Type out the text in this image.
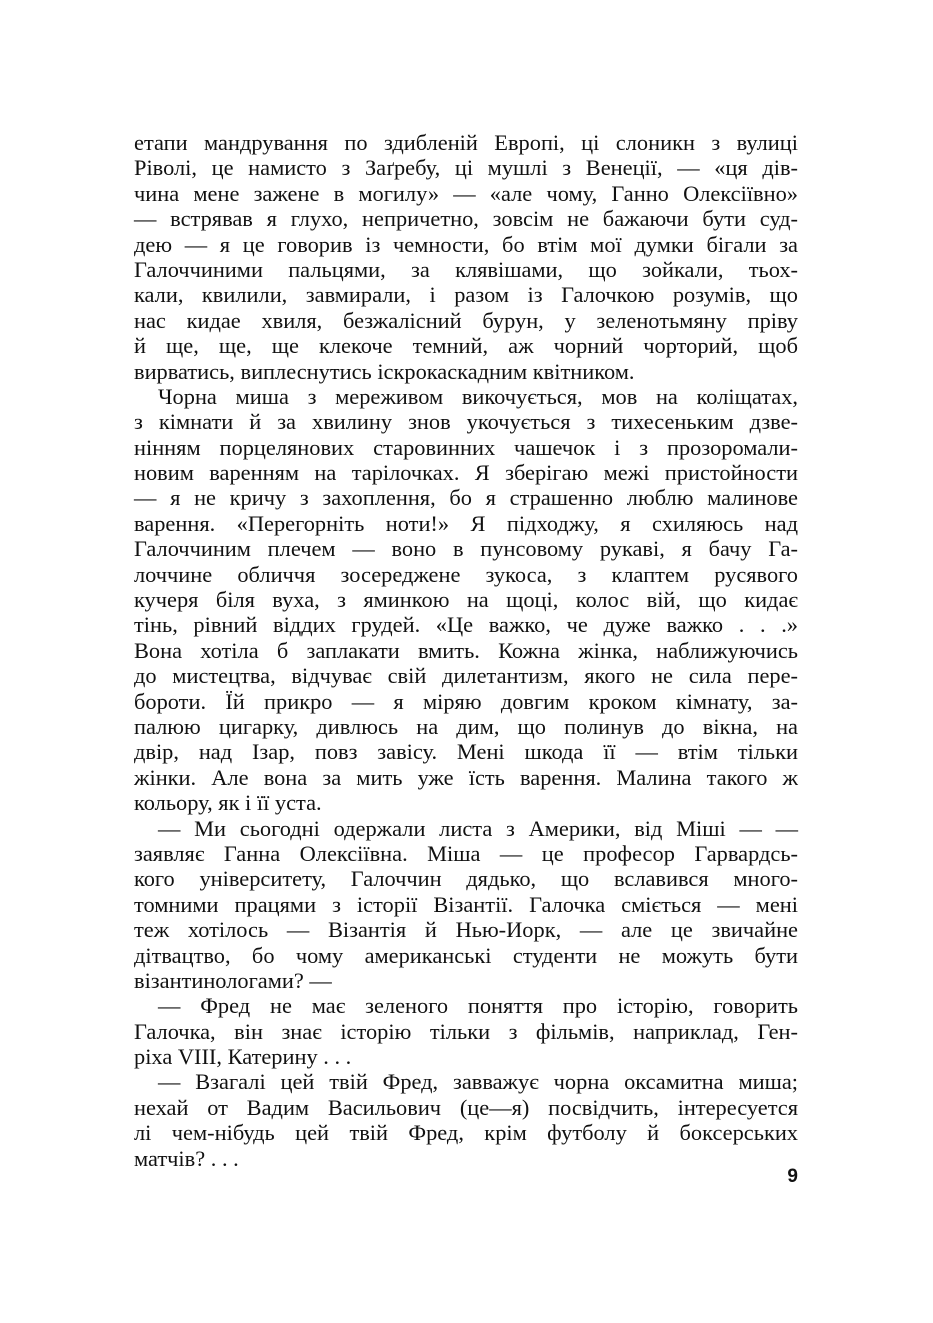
етапи мандрування по здибленій Европі, ці слоникн з вулиці
Ріволі, це намисто з Заґребу, ці мушлі з Венеції, — «ця дів-
чина мене зажене в могилу» — «але чому, Ганно Олексіївно»
— встрявав я глухо, непричетно, зовсім не бажаючи бути суд-
дею — я це говорив із чемности, бо втім мої думки бігали за
Галоччиними пальцями, за клявішами, що зойкали, тьох-
кали, квилили, завмирали, і разом із Галочкою розумів, що
нас кидае хвиля, безжалісний бурун, у зеленотьмяну пріву
й ще, ще, ще клекоче темний, аж чорний чорторий, щоб
вирватись, виплеснутись іскрокаскадним квітником.
Чорна миша з мереживом викочується, мов на коліщатах,
з кімнати й за хвилину знов укочується з тихесеньким дзве-
нінням порцелянових старовинних чашечок і з прозоромали-
новим варенням на тарілочках. Я зберігаю межі пристойности
— я не кричу з захоплення, бо я страшенно люблю малинове
варення. «Перегорніть ноти!» Я підходжу, я схиляюсь над
Галоччиним плечем — воно в пунсовому рукаві, я бачу Га-
лоччине обличчя зосереджене зукоса, з клаптем русявого
кучеря біля вуха, з яминкою на щоці, колос вій, що кидає
тінь, рівний віддих грудей. «Це важко, че дуже важко . . .»
Вона хотіла б заплакати вмить. Кожна жінка, наближуючись
до мистецтва, відчуває свій дилетантизм, якого не сила пере-
бороти. Їй прикро — я міряю довгим кроком кімнату, за-
палюю цигарку, дивлюсь на дим, що полинув до вікна, на
двір, над Ізар, повз завісу. Мені шкода її — втім тільки
жінки. Але вона за мить уже їсть варення. Малина такого ж
кольору, як і її уста.
— Ми сьогодні одержали листа з Америки, від Міші — —
заявляє Ганна Олексіївна. Міша — це професор Гарвардсь-
кого університету, Галоччин дядько, що вславився много-
томними працями з історії Візантії. Галочка сміється — мені
теж хотілось — Візантія й Нью-Иорк, — але це звичайне
дітвацтво, бо чому американські студенти не можуть бути
візантинологами? —
— Фред не має зеленого поняття про історію, говорить
Галочка, він знає історію тільки з фільмів, наприклад, Ген-
ріха VIII, Катерину . . .
— Взагалі цей твій Фред, завважує чорна оксамитна миша;
нехай от Вадим Васильович (це—я) посвідчить, інтересуется
лі чем-нібудь цей твій Фред, крім футболу й боксерських
матчів? . . .
9
